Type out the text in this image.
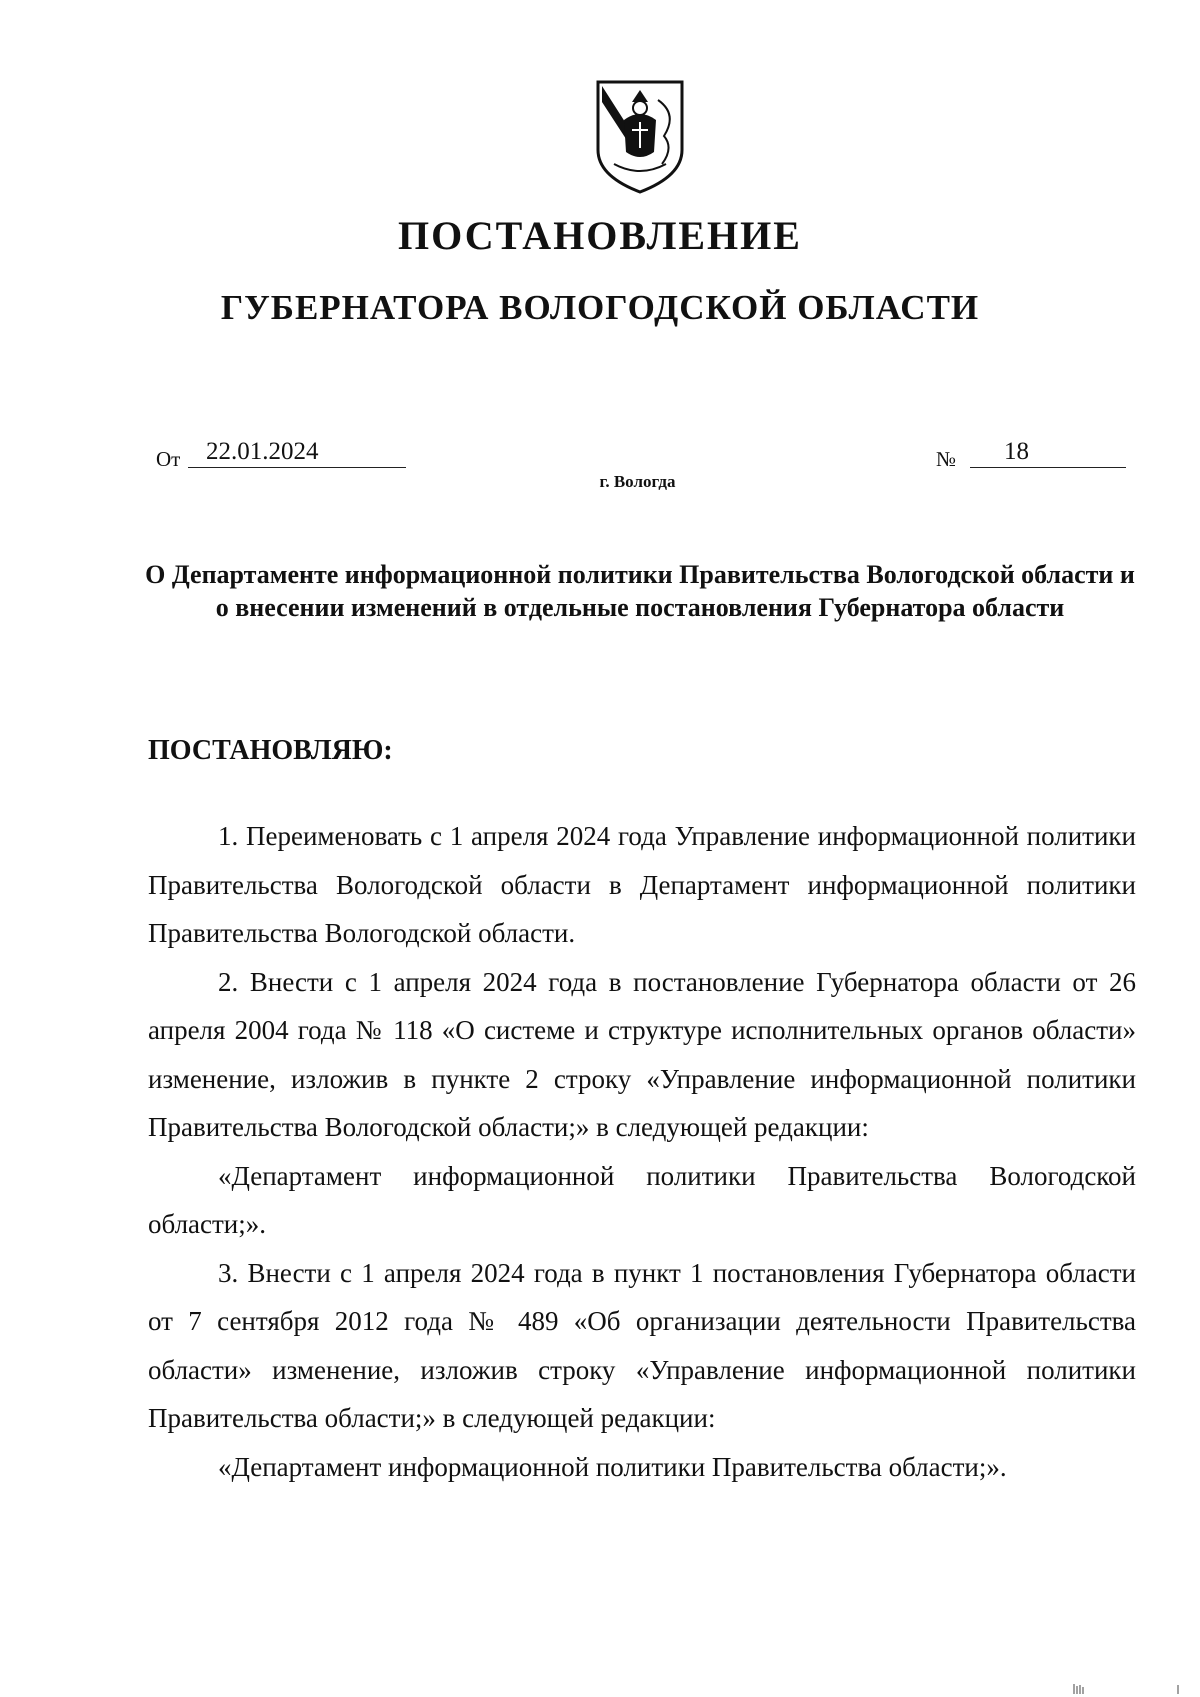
ПОСТАНОВЛЕНИЕ
ГУБЕРНАТОРА ВОЛОГОДСКОЙ ОБЛАСТИ
От	22.01.2024	№	18
г. Вологда
О Департаменте информационной политики Правительства Вологодской области и о внесении изменений в отдельные постановления Губернатора области
ПОСТАНОВЛЯЮ:

1. Переименовать с 1 апреля 2024 года Управление информационной политики Правительства Вологодской области в Департамент информационной политики Правительства Вологодской области.

2. Внести с 1 апреля 2024 года в постановление Губернатора области от 26 апреля 2004 года № 118 «О системе и структуре исполнительных органов области» изменение, изложив в пункте 2 строку «Управление информационной политики Правительства Вологодской области;» в следующей редакции:

«Департамент информационной политики Правительства Вологодской области;».

3. Внести с 1 апреля 2024 года в пункт 1 постановления Губернатора области от 7 сентября 2012 года № 489 «Об организации деятельности Правительства области» изменение, изложив строку «Управление информационной политики Правительства области;» в следующей редакции:

«Департамент информационной политики Правительства области;».
